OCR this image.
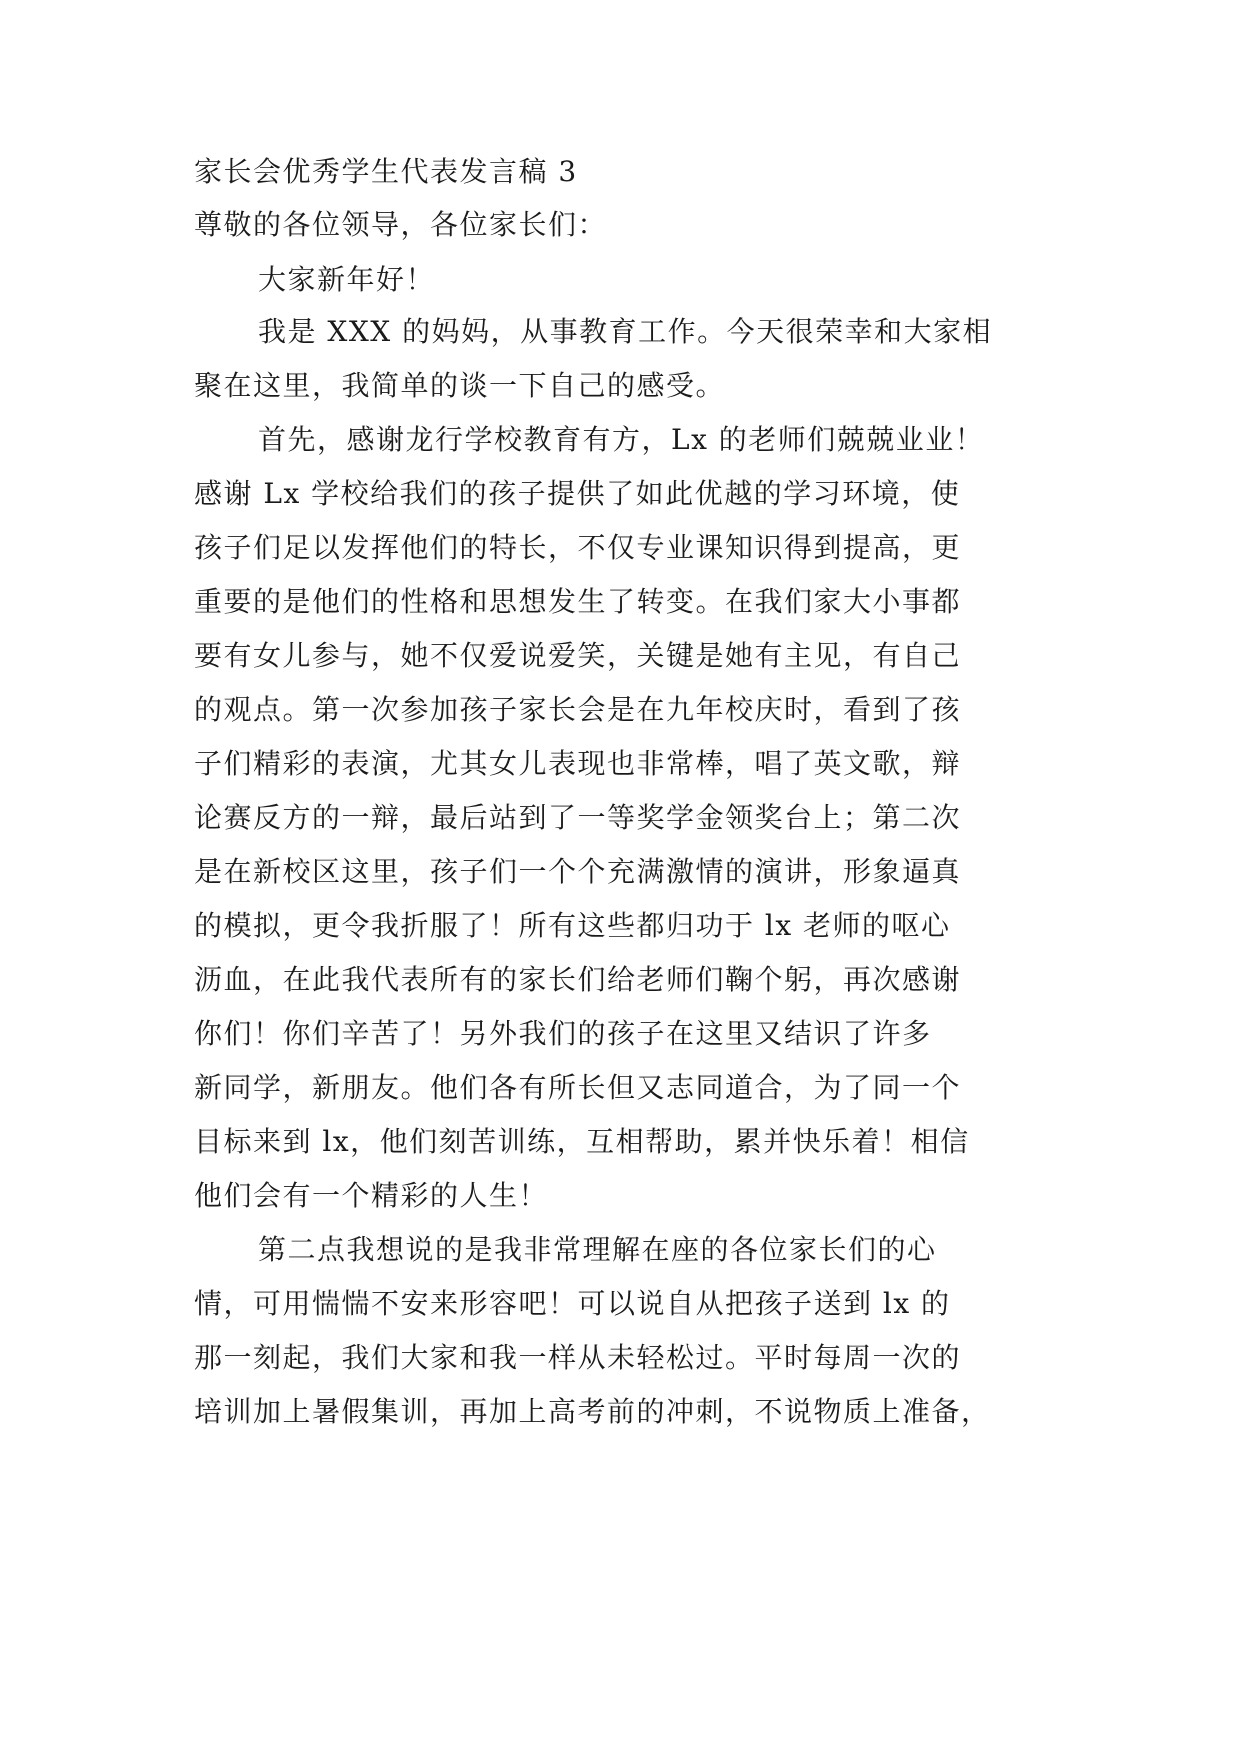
家长会优秀学生代表发言稿 3
尊敬的各位领导，各位家长们：
大家新年好！
我是 XXX 的妈妈，从事教育工作。今天很荣幸和大家相
聚在这里，我简单的谈一下自己的感受。
首先，感谢龙行学校教育有方，Lx 的老师们兢兢业业！
感谢 Lx 学校给我们的孩子提供了如此优越的学习环境，使
孩子们足以发挥他们的特长，不仅专业课知识得到提高，更
重要的是他们的性格和思想发生了转变。在我们家大小事都
要有女儿参与，她不仅爱说爱笑，关键是她有主见，有自己
的观点。第一次参加孩子家长会是在九年校庆时，看到了孩
子们精彩的表演，尤其女儿表现也非常棒，唱了英文歌，辩
论赛反方的一辩，最后站到了一等奖学金领奖台上；第二次
是在新校区这里，孩子们一个个充满激情的演讲，形象逼真
的模拟，更令我折服了！所有这些都归功于 lx 老师的呕心
沥血，在此我代表所有的家长们给老师们鞠个躬，再次感谢
你们！你们辛苦了！另外我们的孩子在这里又结识了许多
新同学，新朋友。他们各有所长但又志同道合，为了同一个
目标来到 lx，他们刻苦训练，互相帮助，累并快乐着！相信
他们会有一个精彩的人生！
第二点我想说的是我非常理解在座的各位家长们的心
情，可用惴惴不安来形容吧！可以说自从把孩子送到 lx 的
那一刻起，我们大家和我一样从未轻松过。平时每周一次的
培训加上暑假集训，再加上高考前的冲刺，不说物质上准备，
